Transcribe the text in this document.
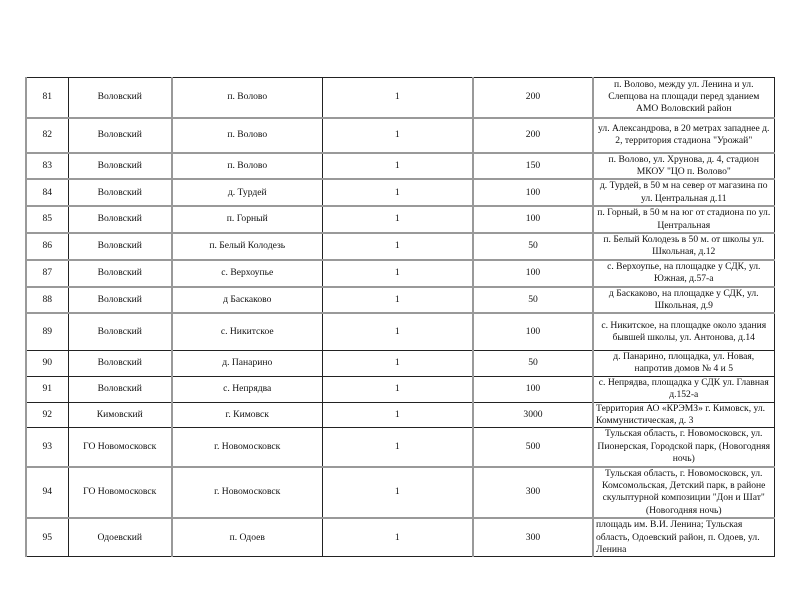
81	Воловский	п. Волово	1	200	п. Волово, между ул. Ленина и ул. Слепцова на площади перед зданием АМО Воловский район
82	Воловский	п. Волово	1	200	ул. Александрова, в 20 метрах западнее д. 2, территория стадиона "Урожай"
83	Воловский	п. Волово	1	150	п. Волово, ул. Хрунова, д. 4, стадион МКОУ "ЦО п. Волово"
84	Воловский	д. Турдей	1	100	д. Турдей, в 50 м на север от магазина по ул. Центральная д.11
85	Воловский	п. Горный	1	100	п. Горный, в 50 м на юг от стадиона по ул. Центральная
86	Воловский	п. Белый Колодезь	1	50	п. Белый Колодезь в 50 м. от школы ул. Школьная, д.12
87	Воловский	с. Верхоупье	1	100	с. Верхоупье, на площадке у СДК, ул. Южная, д.57-а
88	Воловский	д Баскаково	1	50	д Баскаково, на площадке у СДК, ул. Школьная, д.9
89	Воловский	с. Никитское	1	100	с. Никитское, на площадке около здания бывшей школы, ул. Антонова, д.14
90	Воловский	д. Панарино	1	50	д. Панарино, площадка, ул. Новая, напротив домов № 4 и 5
91	Воловский	с. Непрядва	1	100	с. Непрядва, площадка у СДК ул. Главная д.152-а
92	Кимовский	г. Кимовск	1	3000	Территория АО «КРЭМЗ» г. Кимовск, ул. Коммунистическая, д. 3
93	ГО Новомосковск	г. Новомосковск	1	500	Тульская область, г. Новомосковск, ул. Пионерская, Городской парк, (Новогодняя ночь)
94	ГО Новомосковск	г. Новомосковск	1	300	Тульская область, г. Новомосковск, ул. Комсомольская, Детский парк, в районе скульптурной композиции "Дон и Шат" (Новогодняя ночь)
95	Одоевский	п. Одоев	1	300	площадь им. В.И. Ленина; Тульская область, Одоевский район, п. Одоев, ул. Ленина
